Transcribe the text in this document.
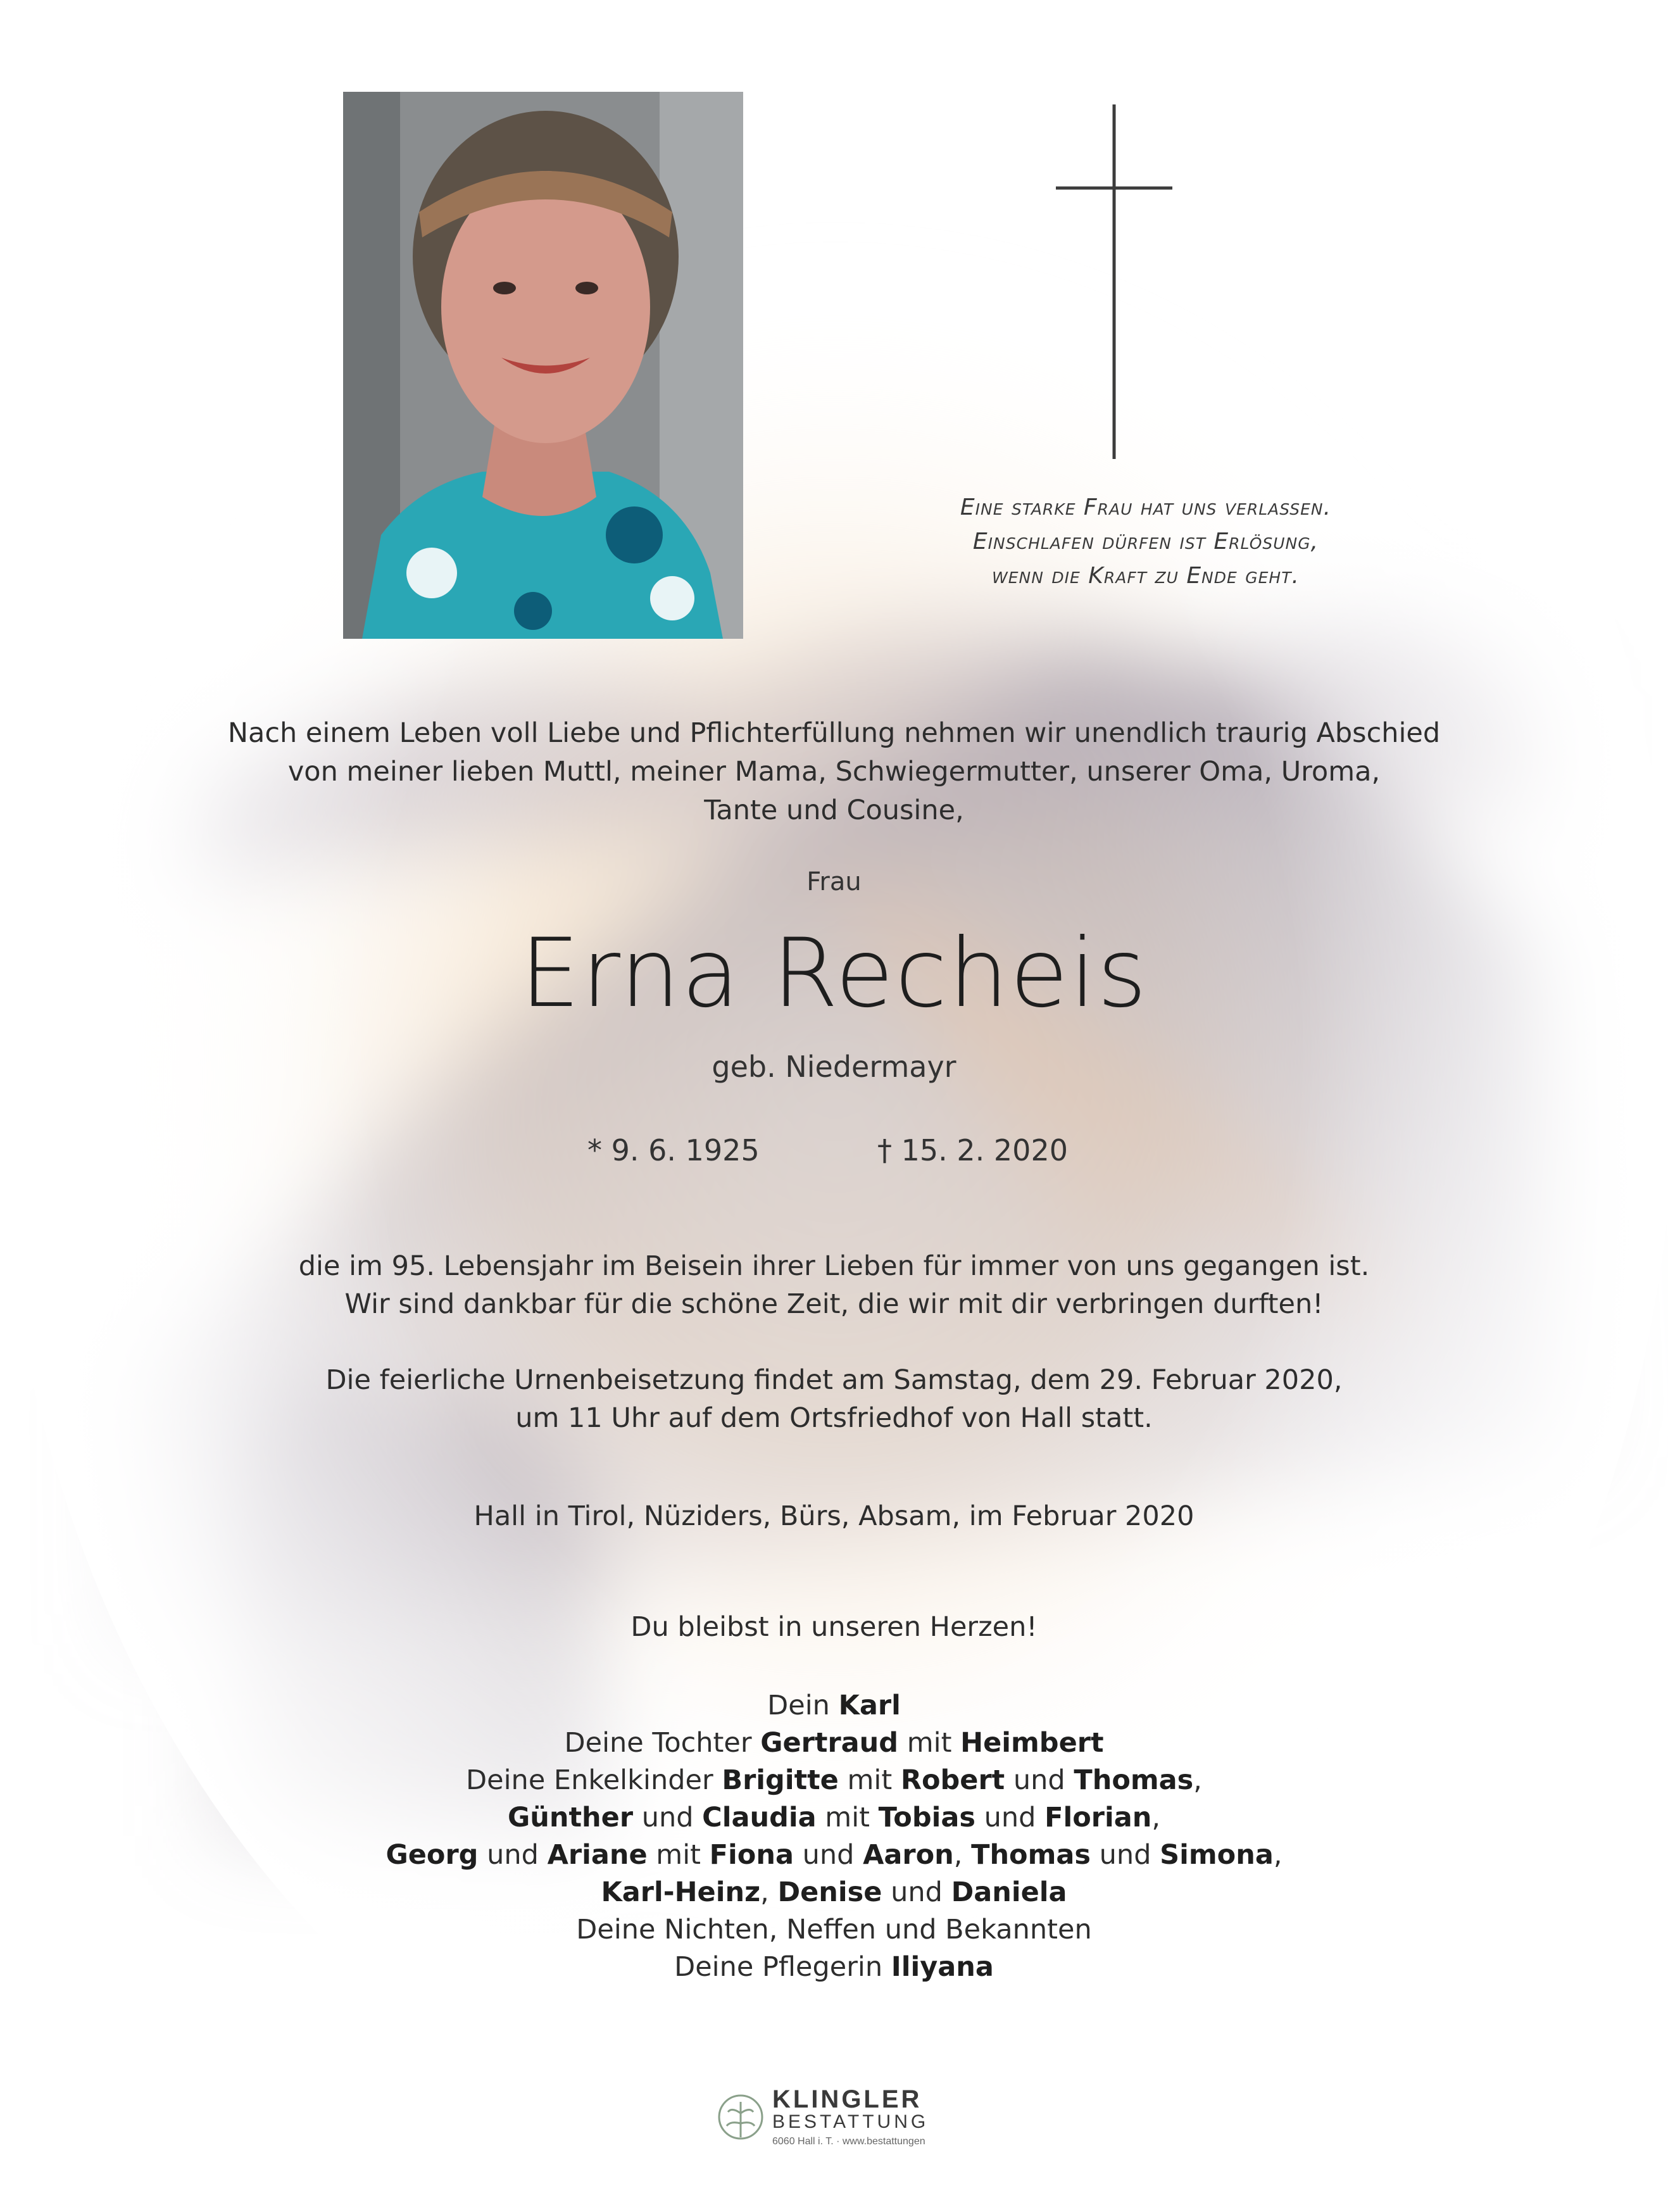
Eine starke Frau hat uns verlassen.
Einschlafen dürfen ist Erlösung,
wenn die Kraft zu Ende geht.
Nach einem Leben voll Liebe und Pflichterfüllung nehmen wir unendlich traurig Abschied
von meiner lieben Muttl, meiner Mama, Schwiegermutter, unserer Oma, Uroma,
Tante und Cousine,
Frau
Erna Recheis
geb. Niedermayr
* 9. 6. 1925	† 15. 2. 2020
die im 95. Lebensjahr im Beisein ihrer Lieben für immer von uns gegangen ist.
Wir sind dankbar für die schöne Zeit, die wir mit dir verbringen durften!
Die feierliche Urnenbeisetzung findet am Samstag, dem 29. Februar 2020,
um 11 Uhr auf dem Ortsfriedhof von Hall statt.
Hall in Tirol, Nüziders, Bürs, Absam, im Februar 2020
Du bleibst in unseren Herzen!
Dein Karl
Deine Tochter Gertraud mit Heimbert
Deine Enkelkinder Brigitte mit Robert und Thomas,
Günther und Claudia mit Tobias und Florian,
Georg und Ariane mit Fiona und Aaron, Thomas und Simona,
Karl-Heinz, Denise und Daniela
Deine Nichten, Neffen und Bekannten
Deine Pflegerin Iliyana
KLINGLER
BESTATTUNG
6060 Hall i. T. · www.bestattungen
